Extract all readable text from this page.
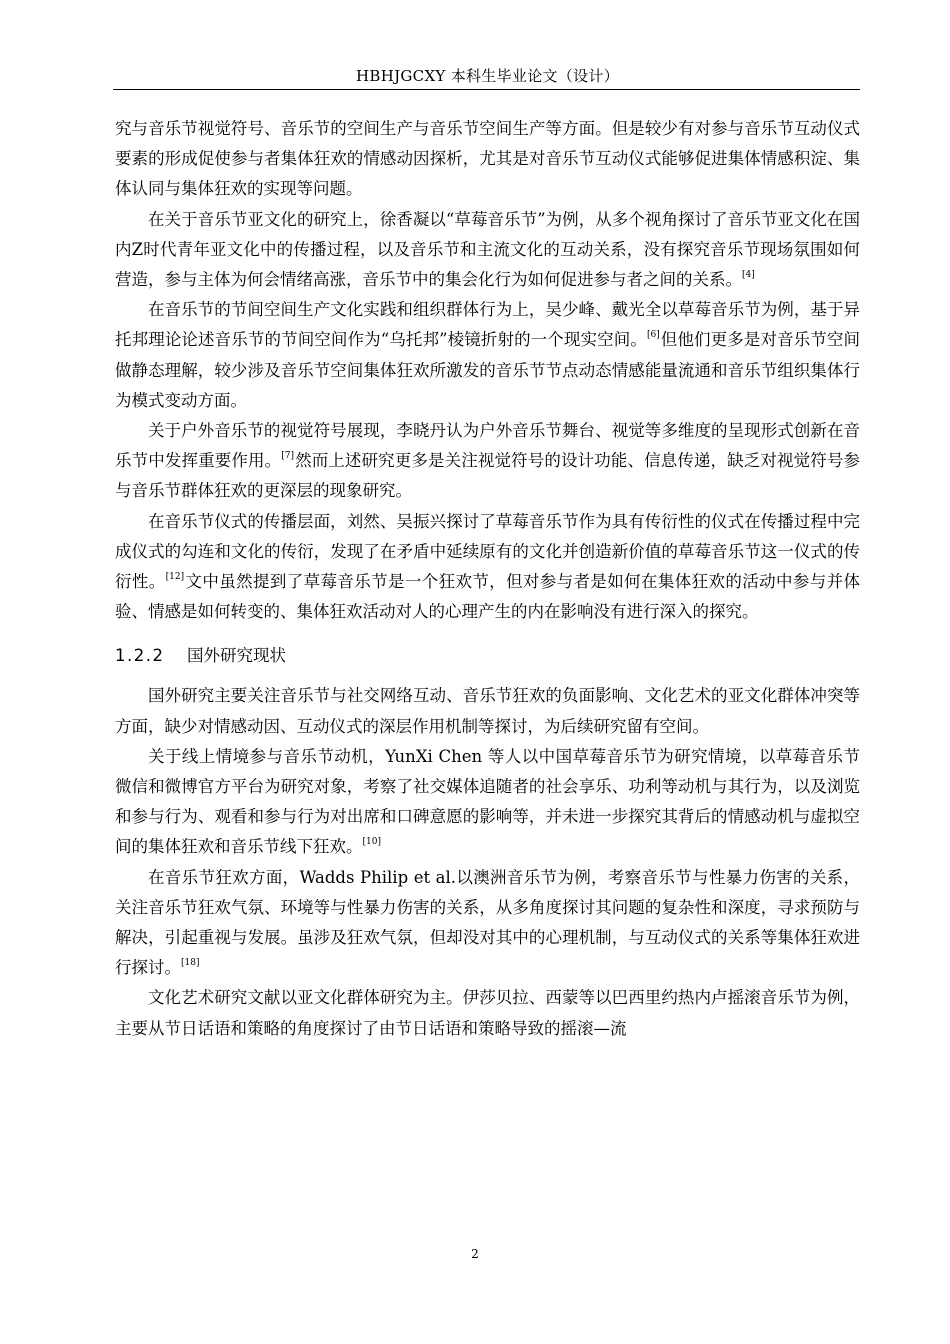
HBHJGCXY 本科生毕业论文（设计）

究与音乐节视觉符号、音乐节的空间生产与音乐节空间生产等方面。但是较少有对参与音乐节互动仪式要素的形成促使参与者集体狂欢的情感动因探析，尤其是对音乐节互动仪式能够促进集体情感积淀、集体认同与集体狂欢的实现等问题。

在关于音乐节亚文化的研究上，徐香凝以“草莓音乐节”为例，从多个视角探讨了音乐节亚文化在国内Z时代青年亚文化中的传播过程，以及音乐节和主流文化的互动关系，没有探究音乐节现场氛围如何营造，参与主体为何会情绪高涨，音乐节中的集会化行为如何促进参与者之间的关系。[4]

在音乐节的节间空间生产文化实践和组织群体行为上，吴少峰、戴光全以草莓音乐节为例，基于异托邦理论论述音乐节的节间空间作为“乌托邦”棱镜折射的一个现实空间。[6]但他们更多是对音乐节空间做静态理解，较少涉及音乐节空间集体狂欢所激发的音乐节节点动态情感能量流通和音乐节组织集体行为模式变动方面。

关于户外音乐节的视觉符号展现，李晓丹认为户外音乐节舞台、视觉等多维度的呈现形式创新在音乐节中发挥重要作用。[7]然而上述研究更多是关注视觉符号的设计功能、信息传递，缺乏对视觉符号参与音乐节群体狂欢的更深层的现象研究。

在音乐节仪式的传播层面，刘然、吴振兴探讨了草莓音乐节作为具有传衍性的仪式在传播过程中完成仪式的勾连和文化的传衍，发现了在矛盾中延续原有的文化并创造新价值的草莓音乐节这一仪式的传衍性。[12]文中虽然提到了草莓音乐节是一个狂欢节，但对参与者是如何在集体狂欢的活动中参与并体验、情感是如何转变的、集体狂欢活动对人的心理产生的内在影响没有进行深入的探究。

1.2.2 国外研究现状

国外研究主要关注音乐节与社交网络互动、音乐节狂欢的负面影响、文化艺术的亚文化群体冲突等方面，缺少对情感动因、互动仪式的深层作用机制等探讨，为后续研究留有空间。

关于线上情境参与音乐节动机，YunXi Chen 等人以中国草莓音乐节为研究情境，以草莓音乐节微信和微博官方平台为研究对象，考察了社交媒体追随者的社会享乐、功利等动机与其行为，以及浏览和参与行为、观看和参与行为对出席和口碑意愿的影响等，并未进一步探究其背后的情感动机与虚拟空间的集体狂欢和音乐节线下狂欢。[10]

在音乐节狂欢方面，Wadds Philip et al.以澳洲音乐节为例，考察音乐节与性暴力伤害的关系，关注音乐节狂欢气氛、环境等与性暴力伤害的关系，从多角度探讨其问题的复杂性和深度，寻求预防与解决，引起重视与发展。虽涉及狂欢气氛，但却没对其中的心理机制，与互动仪式的关系等集体狂欢进行探讨。[18]

文化艺术研究文献以亚文化群体研究为主。伊莎贝拉、西蒙等以巴西里约热内卢摇滚音乐节为例，主要从节日话语和策略的角度探讨了由节日话语和策略导致的摇滚—流

2
